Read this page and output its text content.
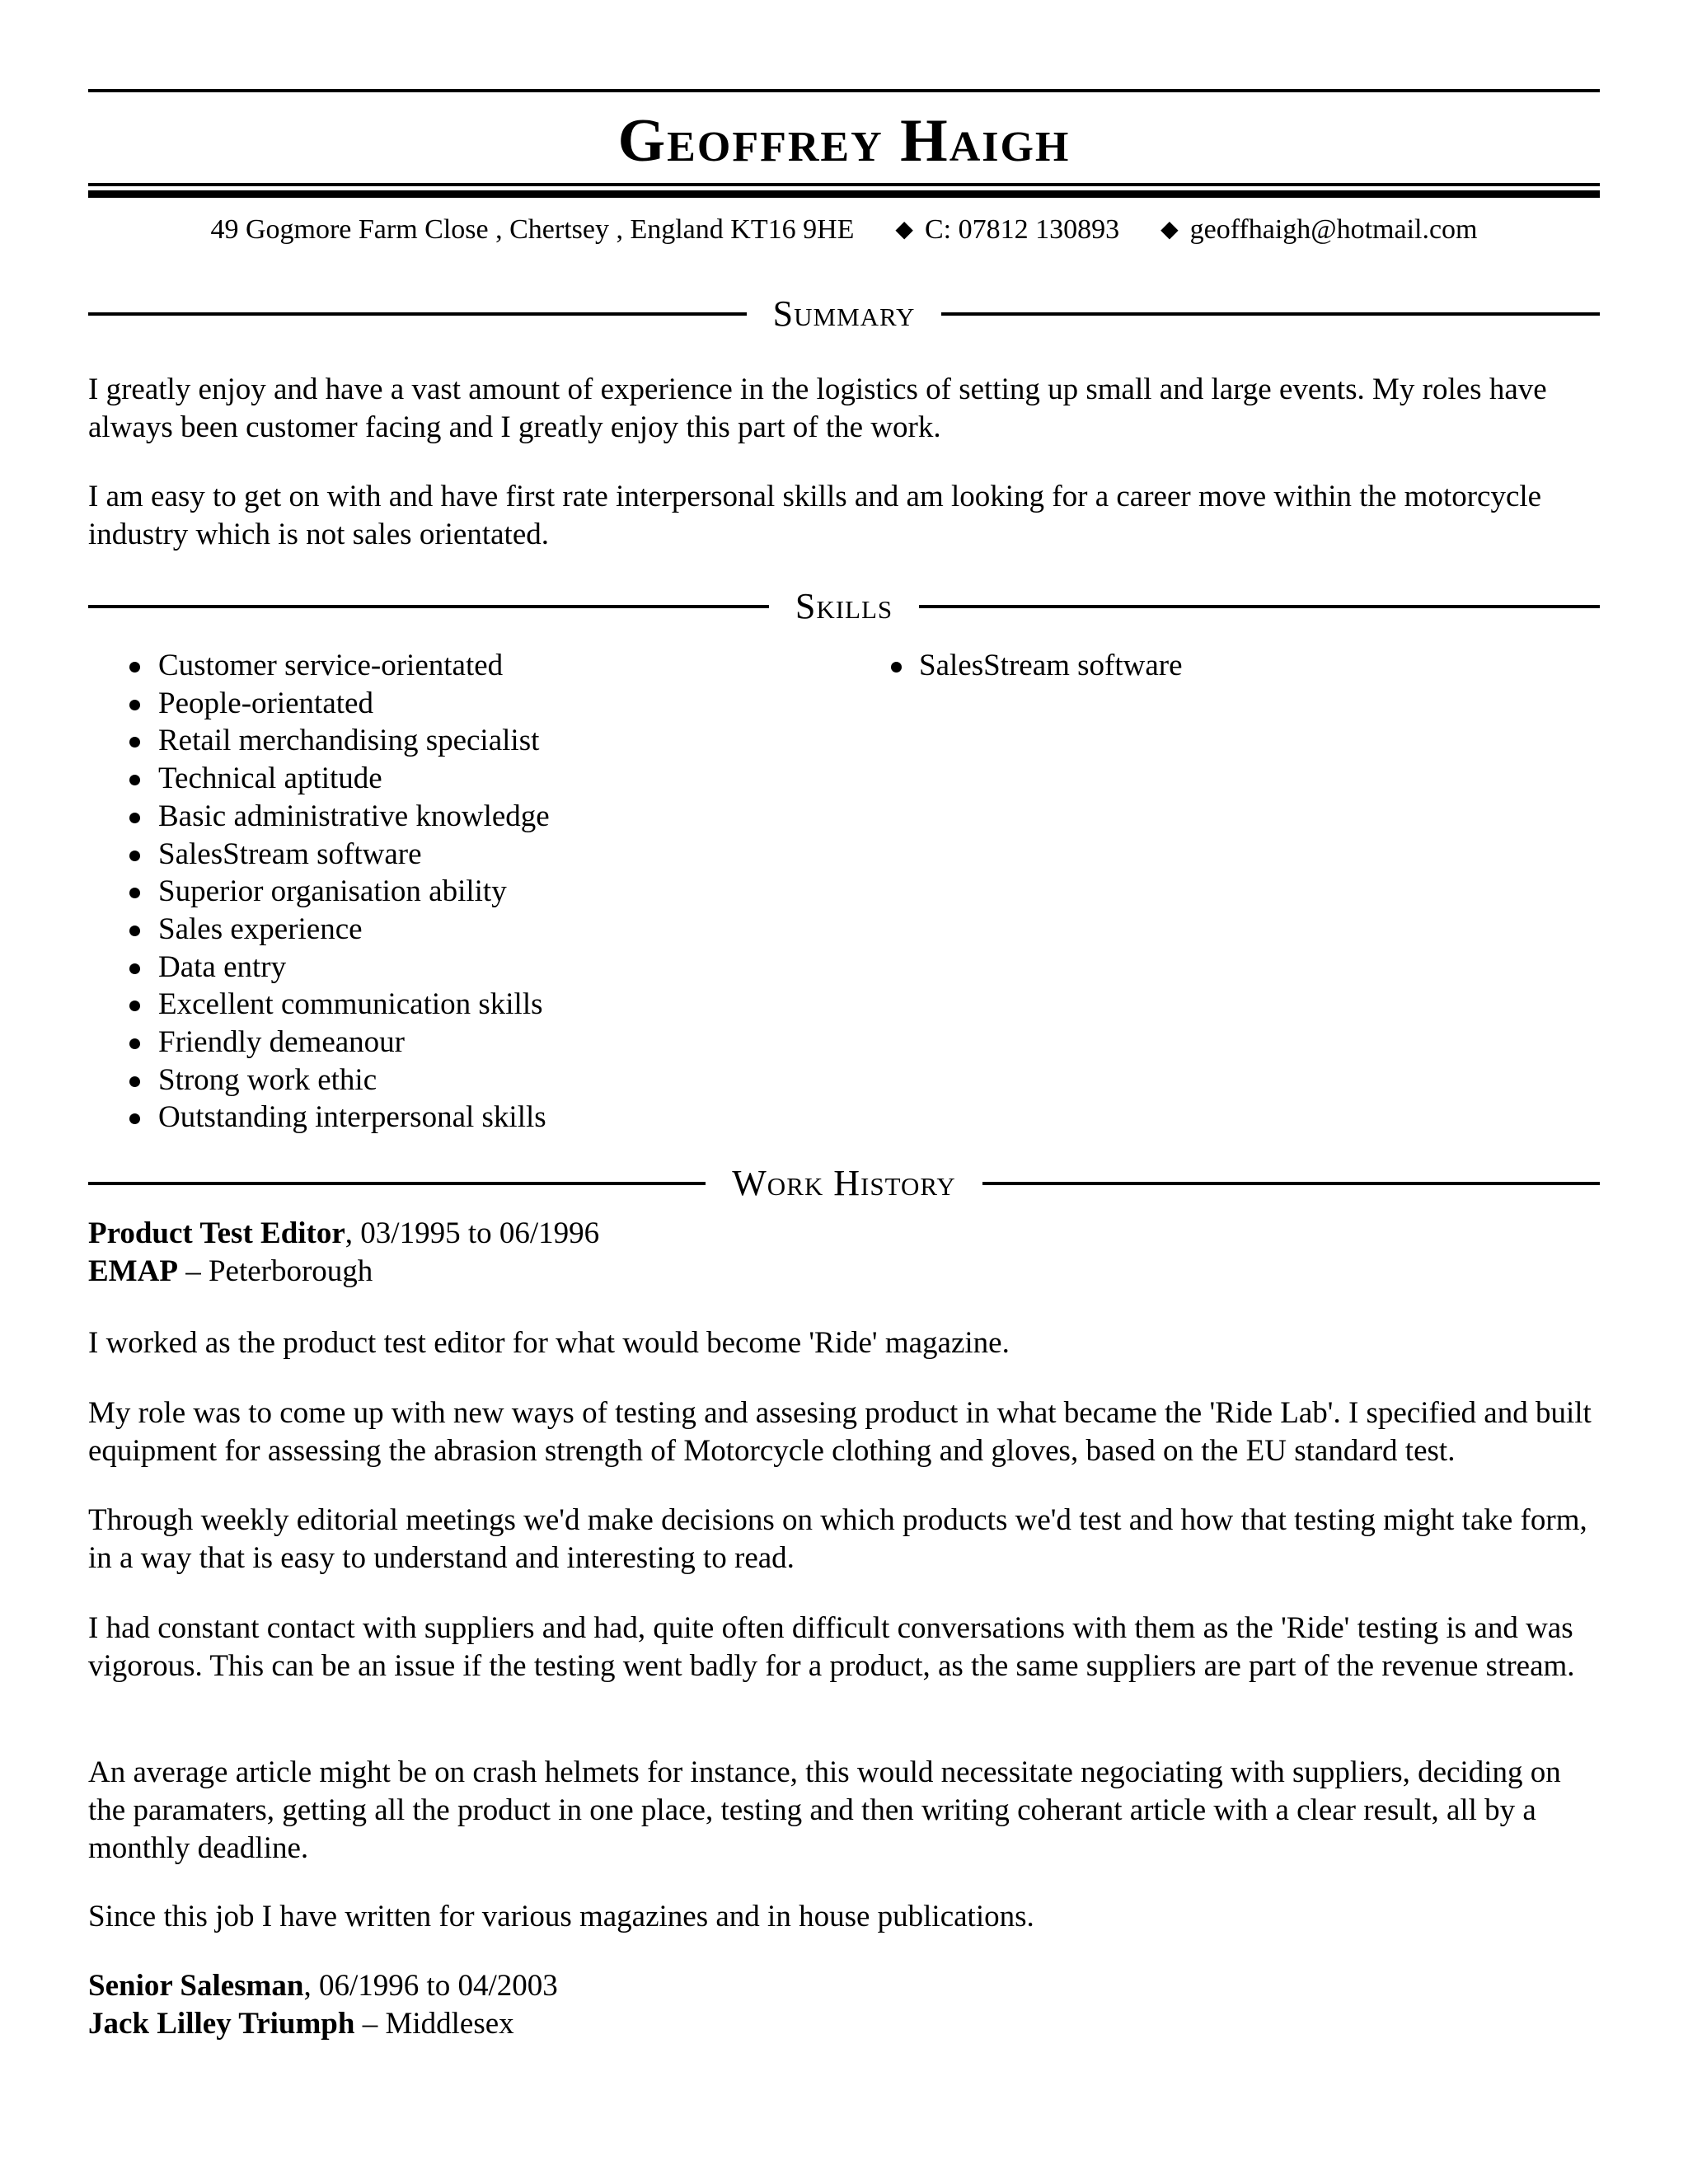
Geoffrey Haigh
49 Gogmore Farm Close , Chertsey , England KT16 9HE ◆ C: 07812 130893 ◆ geoffhaigh@hotmail.com
Summary

I greatly enjoy and have a vast amount of experience in the logistics of setting up small and large events. My roles have always been customer facing and I greatly enjoy this part of the work.

I am easy to get on with and have first rate interpersonal skills and am looking for a career move within the motorcycle industry which is not sales orientated.

Skills
Customer service-orientated
People-orientated
Retail merchandising specialist
Technical aptitude
Basic administrative knowledge
SalesStream software
Superior organisation ability
Sales experience
Data entry
Excellent communication skills
Friendly demeanour
Strong work ethic
Outstanding interpersonal skills
SalesStream software
Work History
Product Test Editor, 03/1995 to 06/1996
EMAP – Peterborough

I worked as the product test editor for what would become 'Ride' magazine.

My role was to come up with new ways of testing and assesing product in what became the 'Ride Lab'. I specified and built equipment for assessing the abrasion strength of Motorcycle clothing and gloves, based on the EU standard test.

Through weekly editorial meetings we'd make decisions on which products we'd test and how that testing might take form, in a way that is easy to understand and interesting to read.

I had constant contact with suppliers and had, quite often difficult conversations with them as the 'Ride' testing is and was vigorous. This can be an issue if the testing went badly for a product, as the same suppliers are part of the revenue stream.

An average article might be on crash helmets for instance, this would necessitate negociating with suppliers, deciding on the paramaters, getting all the product in one place, testing and then writing coherant article with a clear result, all by a monthly deadline.

Since this job I have written for various magazines and in house publications.

Senior Salesman, 06/1996 to 04/2003
Jack Lilley Triumph – Middlesex
